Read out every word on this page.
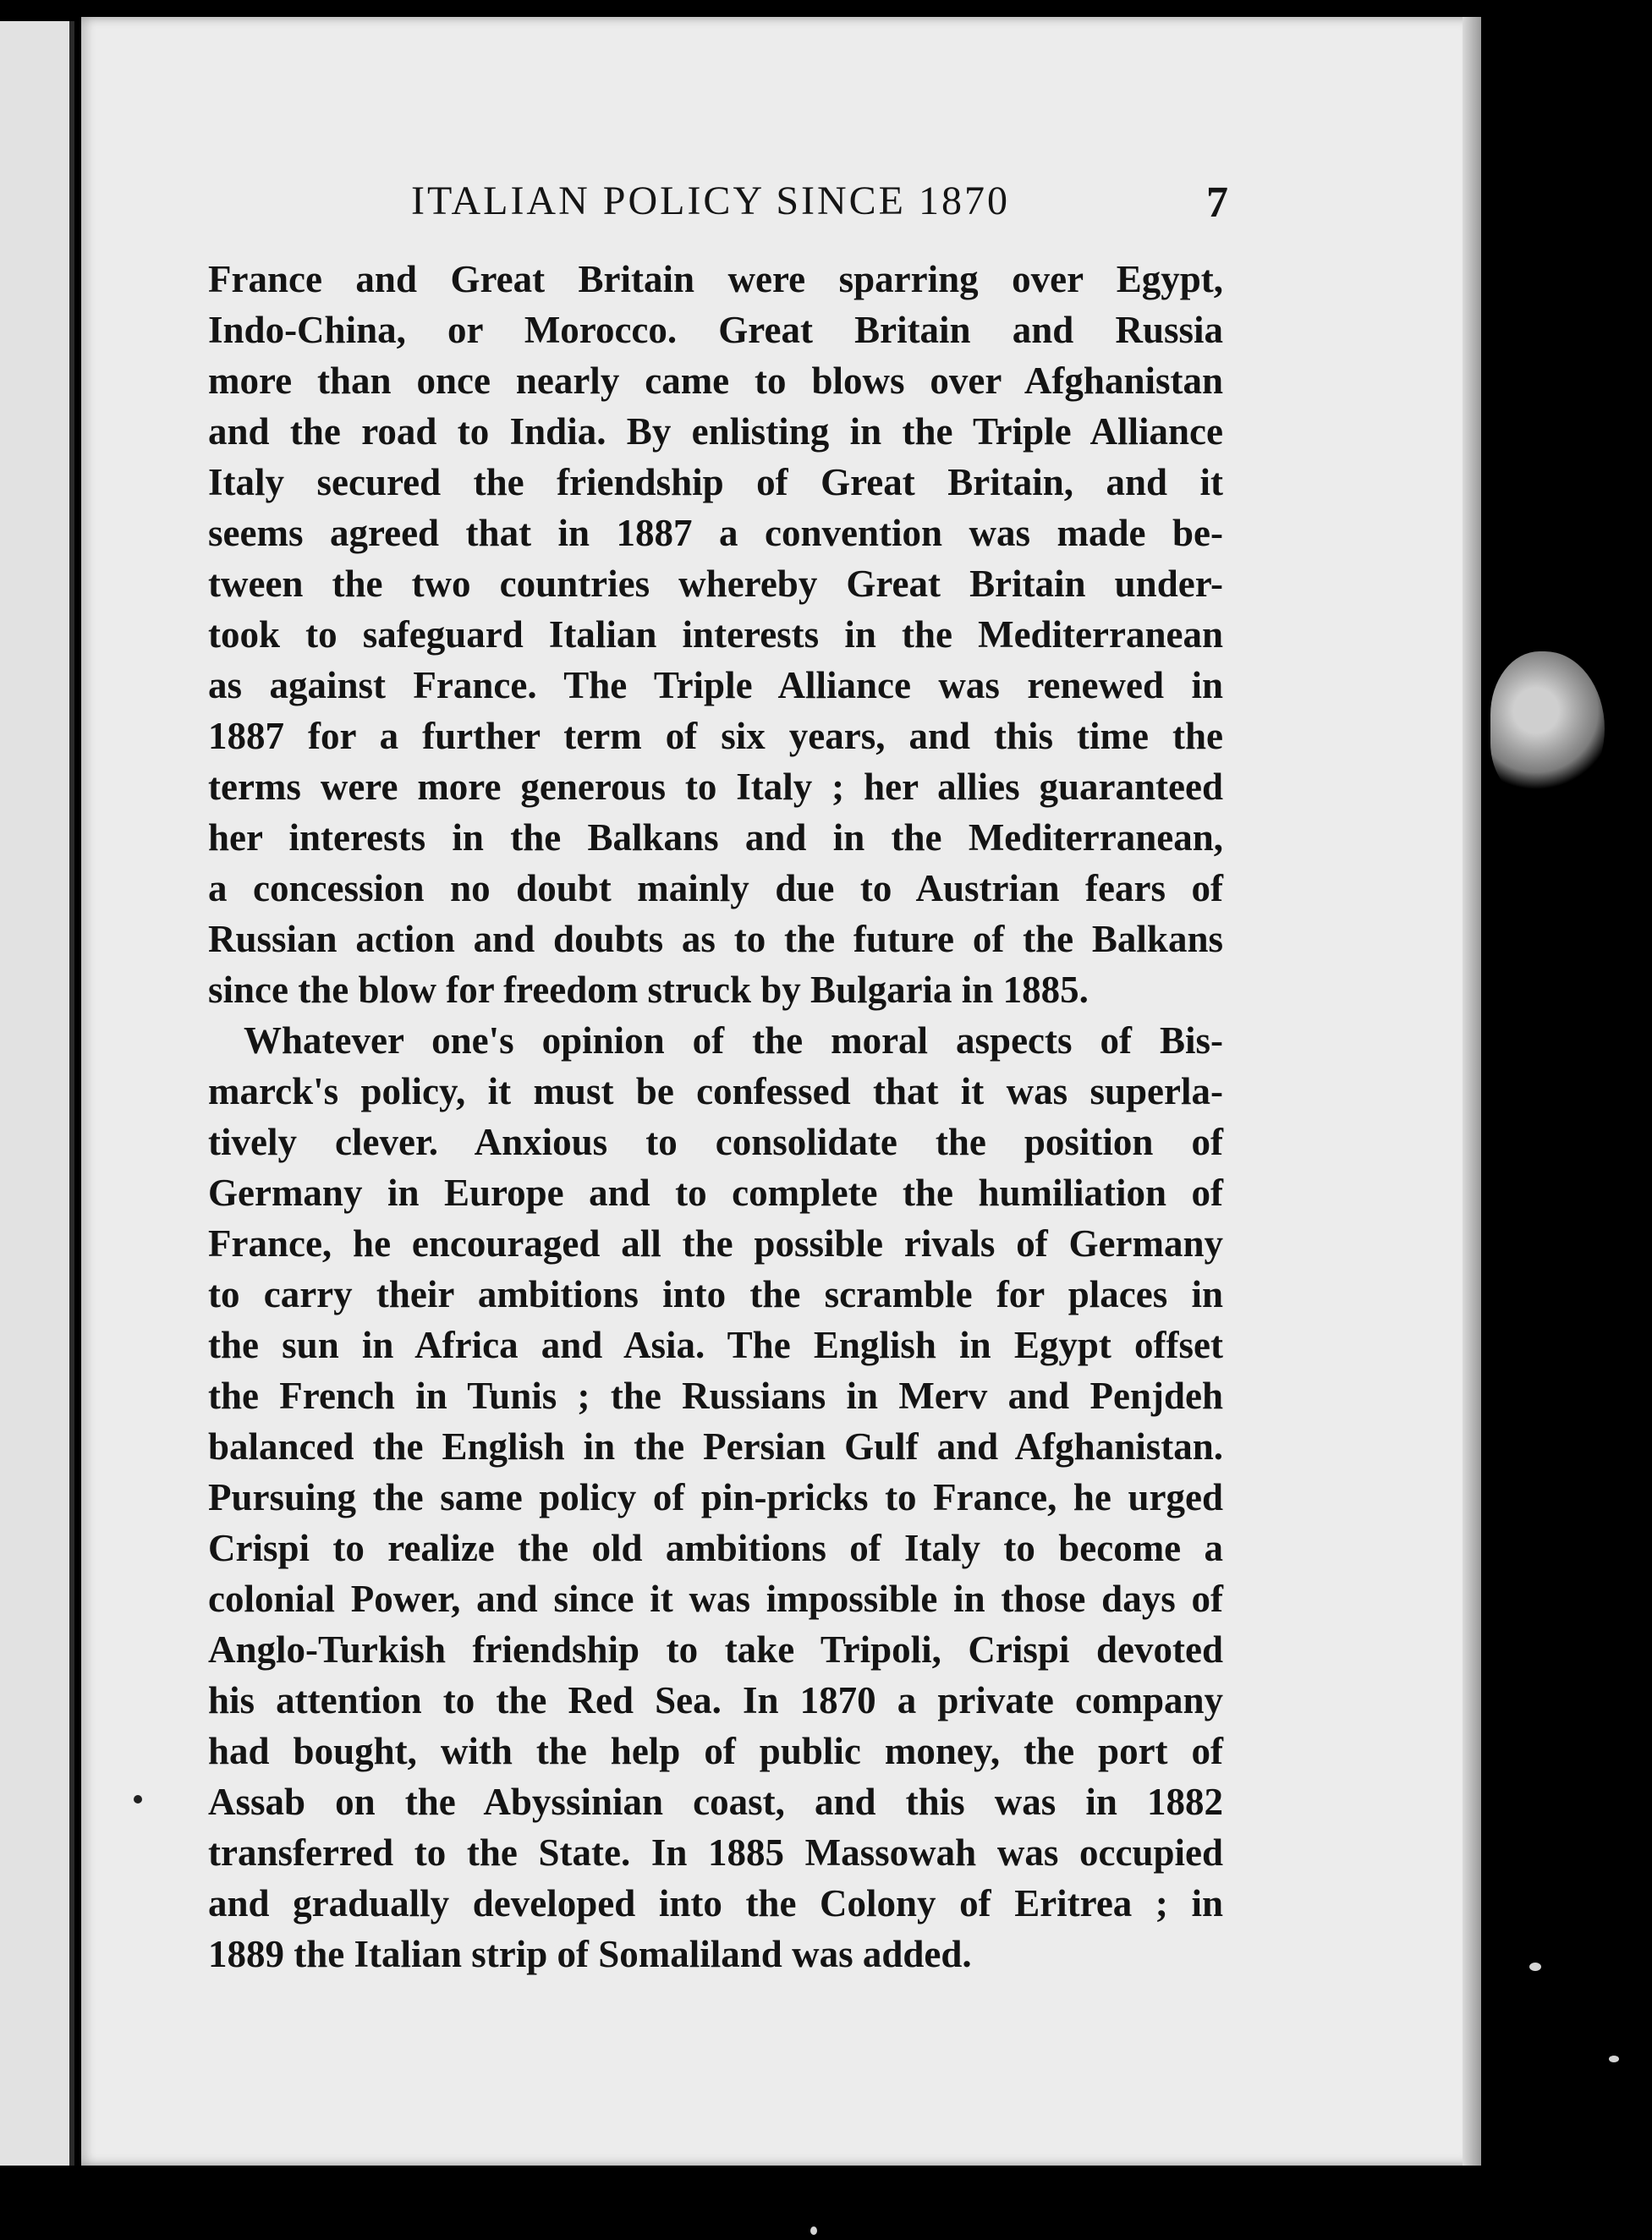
ITALIAN POLICY SINCE 1870	7
France and Great Britain were sparring over Egypt,
Indo-China, or Morocco. Great Britain and Russia
more than once nearly came to blows over Afghanistan
and the road to India. By enlisting in the Triple Alliance
Italy secured the friendship of Great Britain, and it
seems agreed that in 1887 a convention was made be-
tween the two countries whereby Great Britain under-
took to safeguard Italian interests in the Mediterranean
as against France. The Triple Alliance was renewed in
1887 for a further term of six years, and this time the
terms were more generous to Italy ; her allies guaranteed
her interests in the Balkans and in the Mediterranean,
a concession no doubt mainly due to Austrian fears of
Russian action and doubts as to the future of the Balkans
since the blow for freedom struck by Bulgaria in 1885.
Whatever one's opinion of the moral aspects of Bis-
marck's policy, it must be confessed that it was superla-
tively clever. Anxious to consolidate the position of
Germany in Europe and to complete the humiliation of
France, he encouraged all the possible rivals of Germany
to carry their ambitions into the scramble for places in
the sun in Africa and Asia. The English in Egypt offset
the French in Tunis ; the Russians in Merv and Penjdeh
balanced the English in the Persian Gulf and Afghanistan.
Pursuing the same policy of pin-pricks to France, he urged
Crispi to realize the old ambitions of Italy to become a
colonial Power, and since it was impossible in those days of
Anglo-Turkish friendship to take Tripoli, Crispi devoted
his attention to the Red Sea. In 1870 a private company
had bought, with the help of public money, the port of
Assab on the Abyssinian coast, and this was in 1882
transferred to the State. In 1885 Massowah was occupied
and gradually developed into the Colony of Eritrea ; in
1889 the Italian strip of Somaliland was added.
